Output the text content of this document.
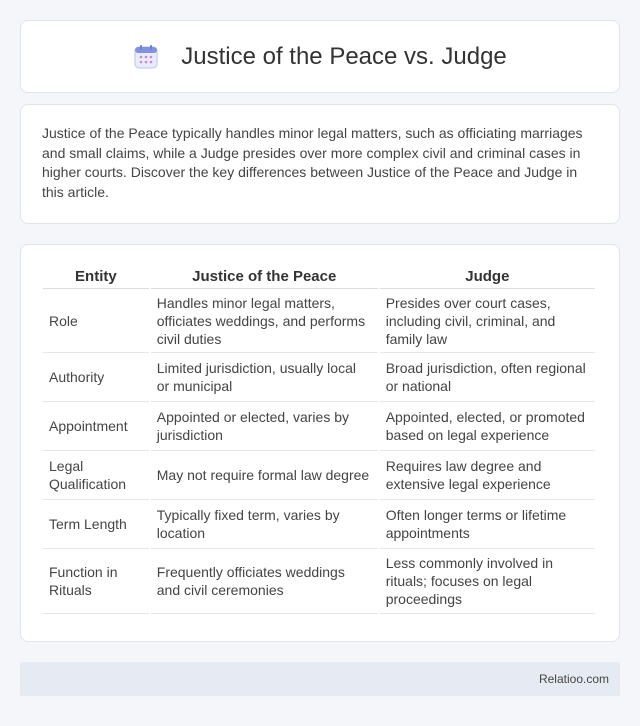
Justice of the Peace vs. Judge

Justice of the Peace typically handles minor legal matters, such as officiating marriages and small claims, while a Judge presides over more complex civil and criminal cases in higher courts. Discover the key differences between Justice of the Peace and Judge in this article.

Entity	Justice of the Peace	Judge
Role	Handles minor legal matters, officiates weddings, and performs civil duties	Presides over court cases, including civil, criminal, and family law
Authority	Limited jurisdiction, usually local or municipal	Broad jurisdiction, often regional or national
Appointment	Appointed or elected, varies by jurisdiction	Appointed, elected, or promoted based on legal experience
Legal Qualification	May not require formal law degree	Requires law degree and extensive legal experience
Term Length	Typically fixed term, varies by location	Often longer terms or lifetime appointments
Function in Rituals	Frequently officiates weddings and civil ceremonies	Less commonly involved in rituals; focuses on legal proceedings
Relatioo.com
